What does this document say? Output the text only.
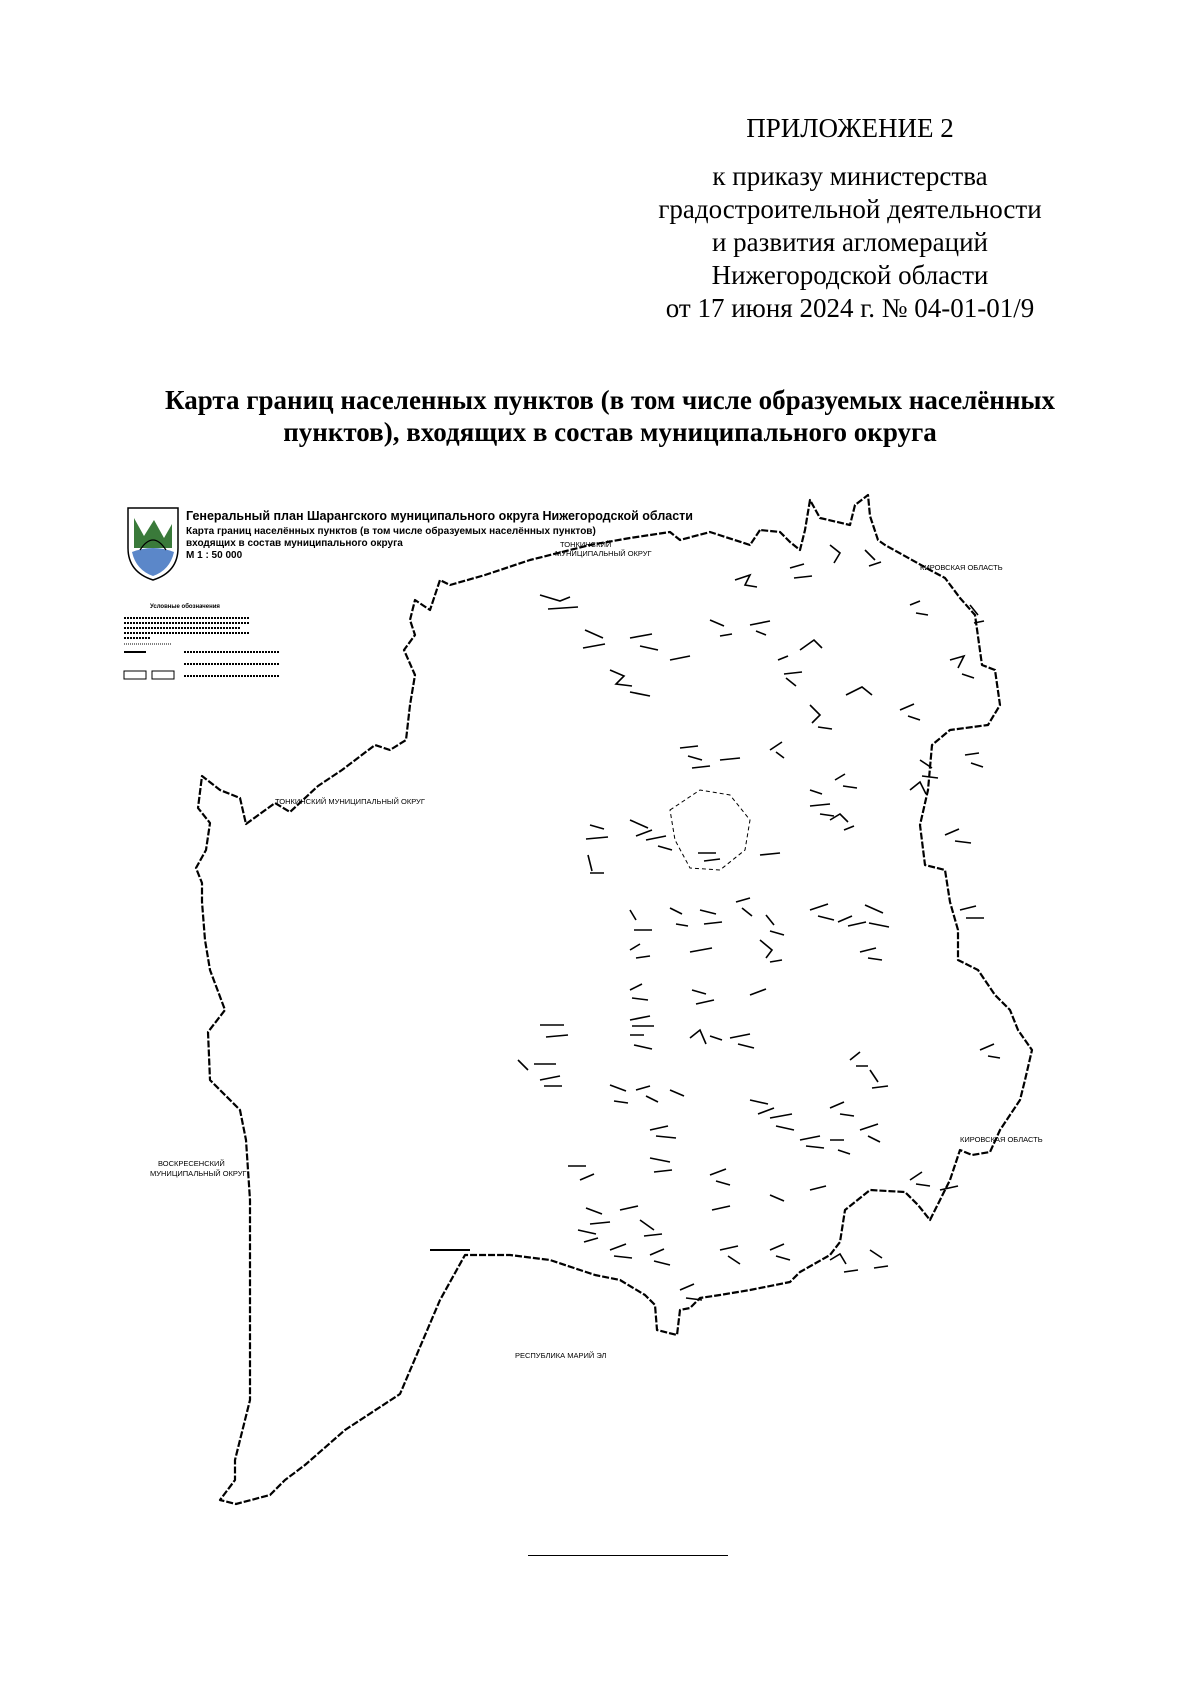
ПРИЛОЖЕНИЕ 2
к приказу министерства
градостроительной деятельности
и развития агломераций
Нижегородской области
от 17 июня 2024 г. № 04-01-01/9
Карта границ населенных пунктов (в том числе образуемых населённых пунктов), входящих в состав муниципального округа
Генеральный план Шарангского муниципального округа Нижегородской области
Карта границ населённых пунктов (в том числе образуемых населённых пунктов)
входящих в состав муниципального округа
М 1 : 50 000
Условные обозначения
ТОНКИНСКИЙ
МУНИЦИПАЛЬНЫЙ ОКРУГ
ТОНКИНСКИЙ МУНИЦИПАЛЬНЫЙ ОКРУГ
КИРОВСКАЯ ОБЛАСТЬ
КИРОВСКАЯ ОБЛАСТЬ
ВОСКРЕСЕНСКИЙ
МУНИЦИПАЛЬНЫЙ ОКРУГ
РЕСПУБЛИКА МАРИЙ ЭЛ
